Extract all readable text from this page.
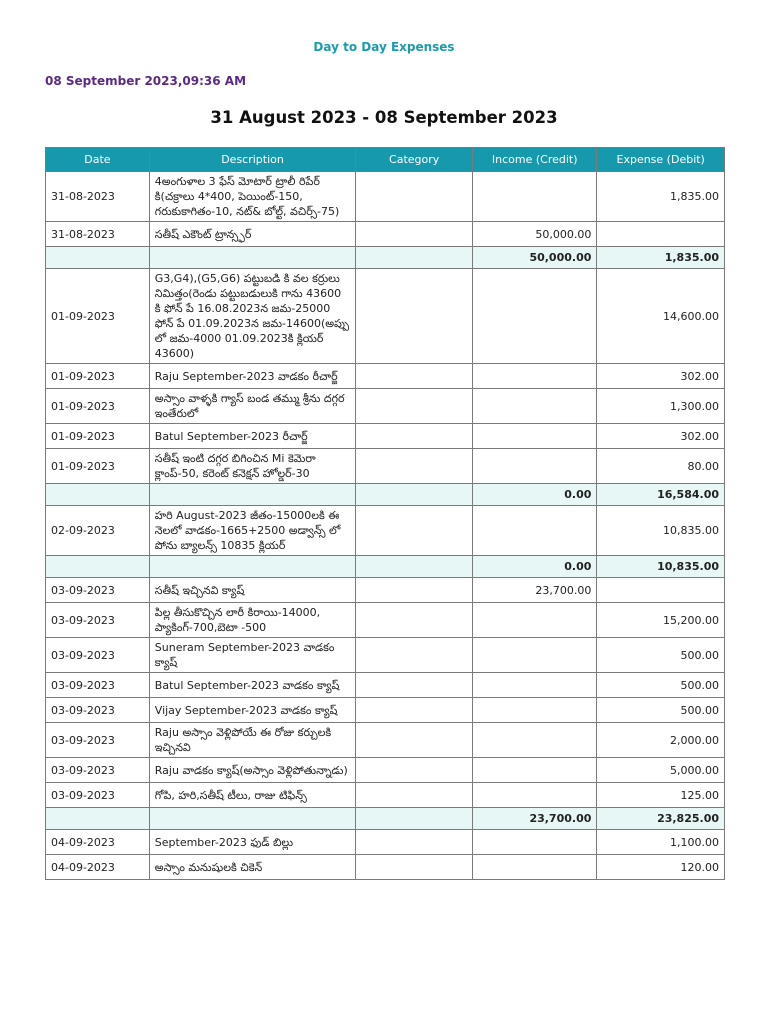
Day to Day Expenses
08 September 2023,09:36 AM
31 August 2023 - 08 September 2023
Date	Description	Category	Income (Credit)	Expense (Debit)
31-08-2023	4అంగుళాల 3 ఫేస్ మోటార్ ట్రాలీ రిపేర్ కి(చక్రాలు 4*400, పెయింట్-150, గరుకుకాగితం-10, నట్& బోల్ట్, వచిర్స్-75)			1,835.00
31-08-2023	సతీష్ ఎకౌంట్ ట్రాన్స్ఫర్		50,000.00	
			50,000.00	1,835.00
01-09-2023	G3,G4),(G5,G6) పట్టుబడి కి వల కర్రులు నిమిత్తం(రెండు పట్టుబడులుకి గాను 43600 కి ఫోన్ పే 16.08.2023న జమ-25000 ఫోన్ పే 01.09.2023న జమ-14600(అప్పు లో జమ-4000 01.09.2023కి క్లియర్ 43600)			14,600.00
01-09-2023	Raju September-2023 వాడకం రీచార్జ్			302.00
01-09-2023	అస్సాం వాళ్ళకి గ్యాస్ బండ తమ్ము శ్రీను దగ్గర ఇంతేరులో			1,300.00
01-09-2023	Batul September-2023 రీచార్జ్			302.00
01-09-2023	సతీష్ ఇంటి దగ్గర బిగించిన Mi కెమెరా క్లాంప్-50, కరెంట్ కనెక్షన్ హోల్డర్-30			80.00
			0.00	16,584.00
02-09-2023	హరి August-2023 జీతం-15000లకి ఈ నెలలో వాడకం-1665+2500 అడ్వాన్స్ లో పోను బ్యాలన్స్ 10835 క్లియర్			10,835.00
			0.00	10,835.00
03-09-2023	సతీష్ ఇచ్చినవి క్యాష్		23,700.00	
03-09-2023	పిల్ల తీసుకొచ్చిన లారీ కిరాయి-14000, ప్యాకింగ్-700,బెటా -500			15,200.00
03-09-2023	Suneram September-2023 వాడకం క్యాష్			500.00
03-09-2023	Batul September-2023 వాడకం క్యాష్			500.00
03-09-2023	Vijay September-2023 వాడకం క్యాష్			500.00
03-09-2023	Raju అస్సాం వెళ్లిపోయే ఈ రోజు కర్చులకి ఇచ్చినవి			2,000.00
03-09-2023	Raju వాడకం క్యాష్(అస్సాం వెళ్లిపోతున్నాడు)			5,000.00
03-09-2023	గోపి, హరి,సతీష్ టీలు, రాజు టిఫిన్స్			125.00
			23,700.00	23,825.00
04-09-2023	September-2023 ఫుడ్ బిల్లు			1,100.00
04-09-2023	అస్సాం మనుషులకి చికెన్			120.00
